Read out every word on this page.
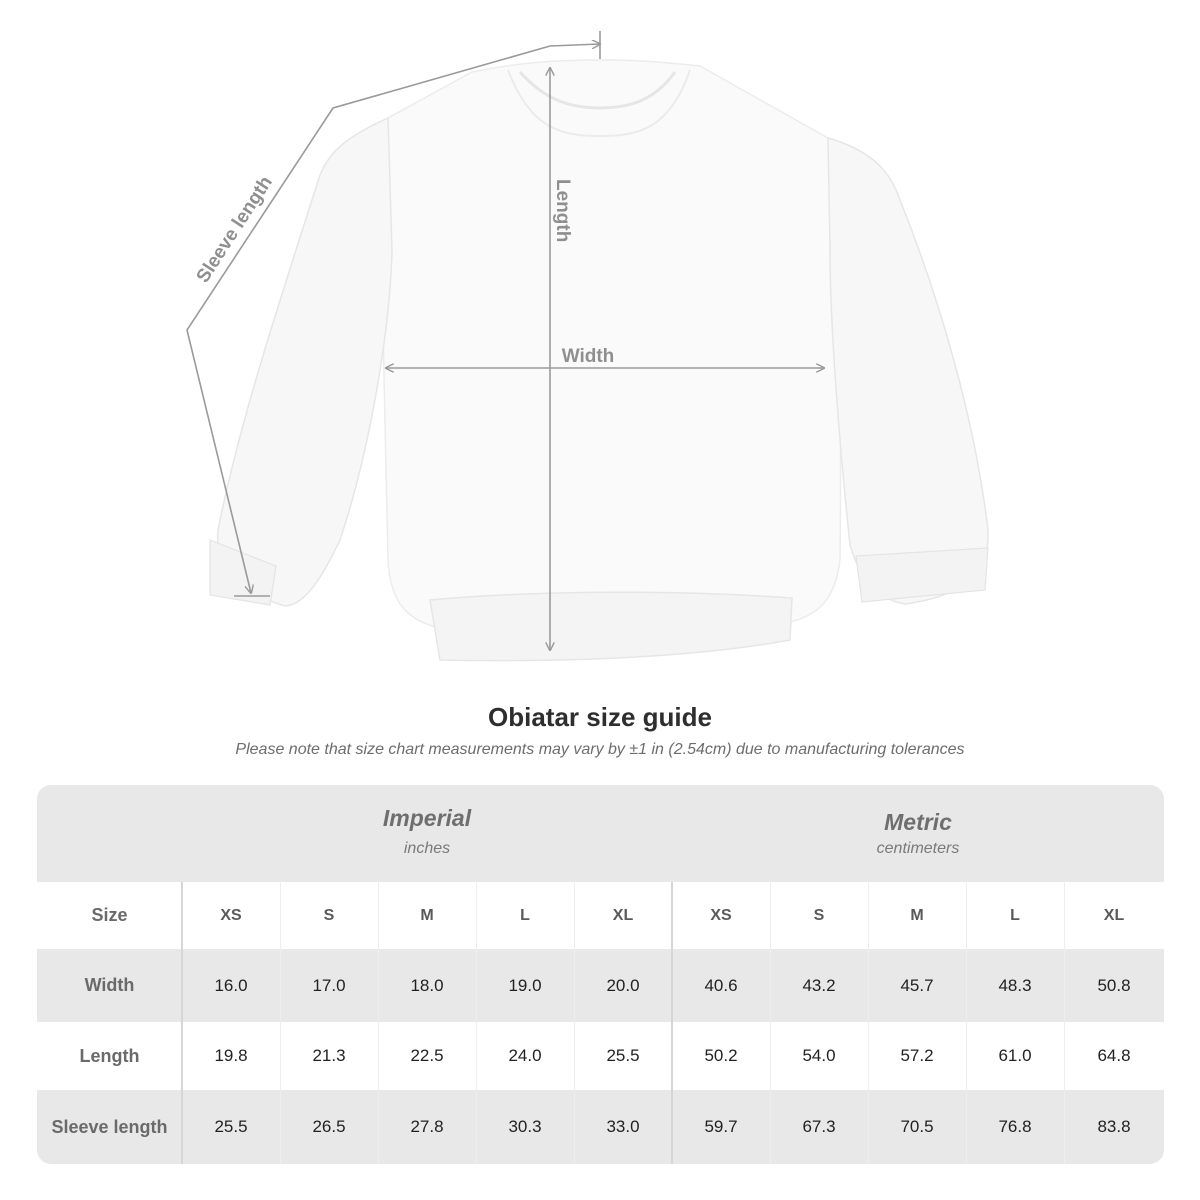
Length
Width
Sleeve length
Obiatar size guide
Please note that size chart measurements may vary by ±1 in (2.54cm) due to manufacturing tolerances
Imperial
inches
Metric
centimeters
Size	XS	S	M	L	XL	XS	S	M	L	XL
Width	16.0	17.0	18.0	19.0	20.0	40.6	43.2	45.7	48.3	50.8
Length	19.8	21.3	22.5	24.0	25.5	50.2	54.0	57.2	61.0	64.8
Sleeve length	25.5	26.5	27.8	30.3	33.0	59.7	67.3	70.5	76.8	83.8
